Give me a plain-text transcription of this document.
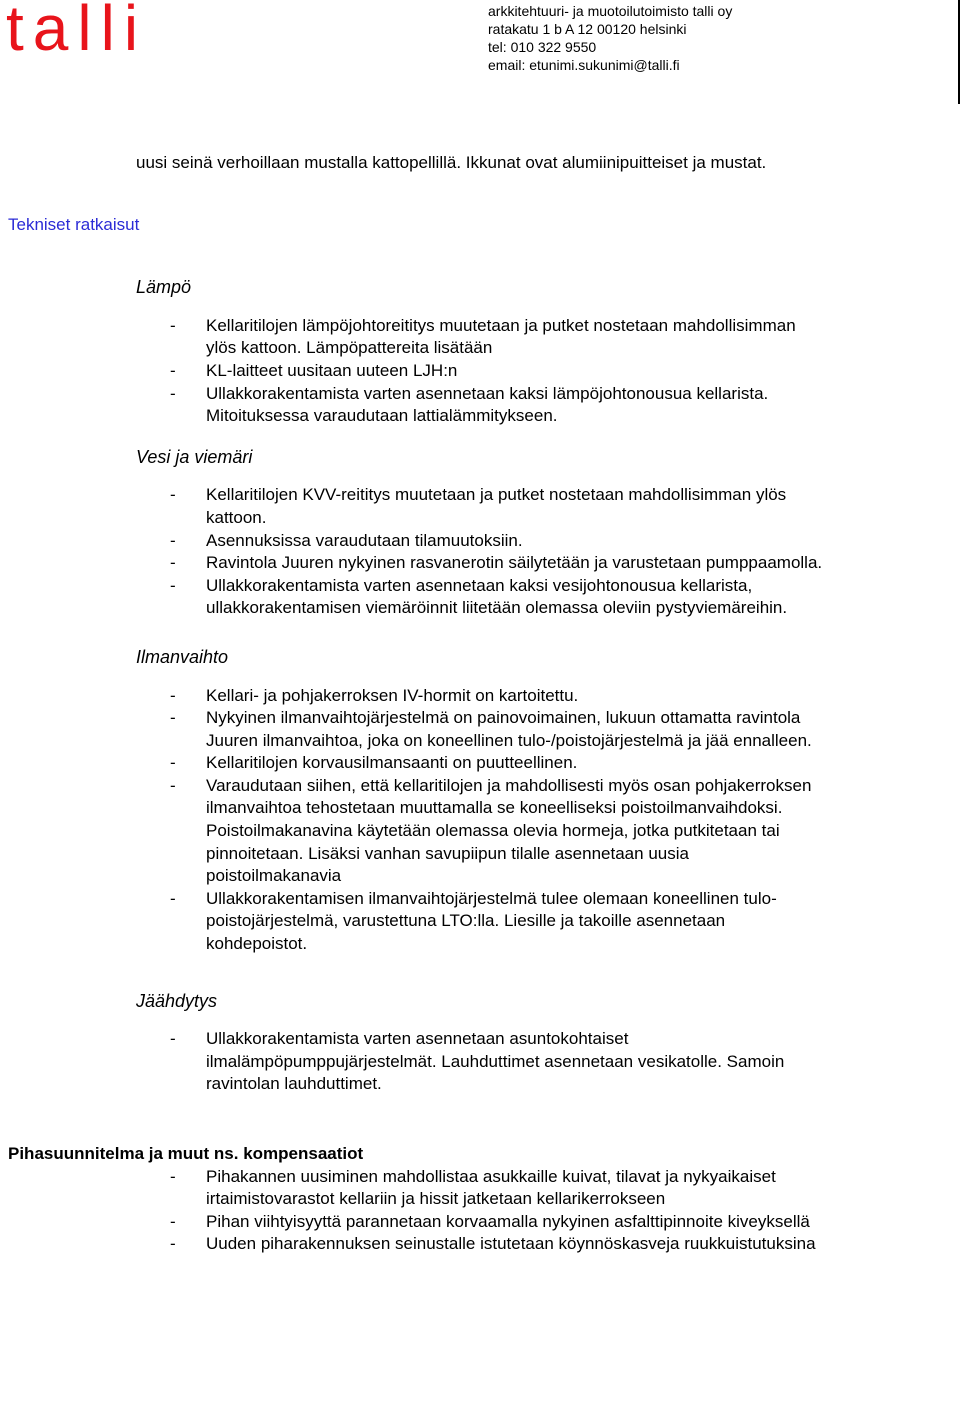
talli	arkkitehtuuri- ja muotoilutoimisto talli oy
ratakatu 1 b A 12 00120 helsinki
tel: 010 322 9550
email: etunimi.sukunimi@talli.fi

uusi seinä verhoillaan mustalla kattopellillä. Ikkunat ovat alumiinipuitteiset ja mustat.

Tekniset ratkaisut
Lämpö
- Kellaritilojen lämpöjohtoreititys muutetaan ja putket nostetaan mahdollisimman ylös kattoon. Lämpöpattereita lisätään
- KL-laitteet uusitaan uuteen LJH:n
- Ullakkorakentamista varten asennetaan kaksi lämpöjohtonousua kellarista. Mitoituksessa varaudutaan lattialämmitykseen.
Vesi ja viemäri
- Kellaritilojen KVV-reititys muutetaan ja putket nostetaan mahdollisimman ylös kattoon.
- Asennuksissa varaudutaan tilamuutoksiin.
- Ravintola Juuren nykyinen rasvanerotin säilytetään ja varustetaan pumppaamolla.
- Ullakkorakentamista varten asennetaan kaksi vesijohtonousua kellarista, ullakkorakentamisen viemäröinnit liitetään olemassa oleviin pystyviemäreihin.
Ilmanvaihto
- Kellari- ja pohjakerroksen IV-hormit on kartoitettu.
- Nykyinen ilmanvaihtojärjestelmä on painovoimainen, lukuun ottamatta ravintola Juuren ilmanvaihtoa, joka on koneellinen tulo-/poistojärjestelmä ja jää ennalleen.
- Kellaritilojen korvausilmansaanti on puutteellinen.
- Varaudutaan siihen, että kellaritilojen ja mahdollisesti myös osan pohjakerroksen ilmanvaihtoa tehostetaan muuttamalla se koneelliseksi poistoilmanvaihdoksi. Poistoilmakanavina käytetään olemassa olevia hormeja, jotka putkitetaan tai pinnoitetaan. Lisäksi vanhan savupiipun tilalle asennetaan uusia poistoilmakanavia
- Ullakkorakentamisen ilmanvaihtojärjestelmä tulee olemaan koneellinen tulo-poistojärjestelmä, varustettuna LTO:lla. Liesille ja takoille asennetaan kohdepoistot.
Jäähdytys
- Ullakkorakentamista varten asennetaan asuntokohtaiset ilmalämpöpumppujärjestelmät. Lauhduttimet asennetaan vesikatolle. Samoin ravintolan lauhduttimet.
Pihasuunnitelma ja muut ns. kompensaatiot
- Pihakannen uusiminen mahdollistaa asukkaille kuivat, tilavat ja nykyaikaiset irtaimistovarastot kellariin ja hissit jatketaan kellarikerrokseen
- Pihan viihtyisyyttä parannetaan korvaamalla nykyinen asfalttipinnoite kiveyksellä
- Uuden piharakennuksen seinustalle istutetaan köynnöskasveja ruukkuistutuksina
